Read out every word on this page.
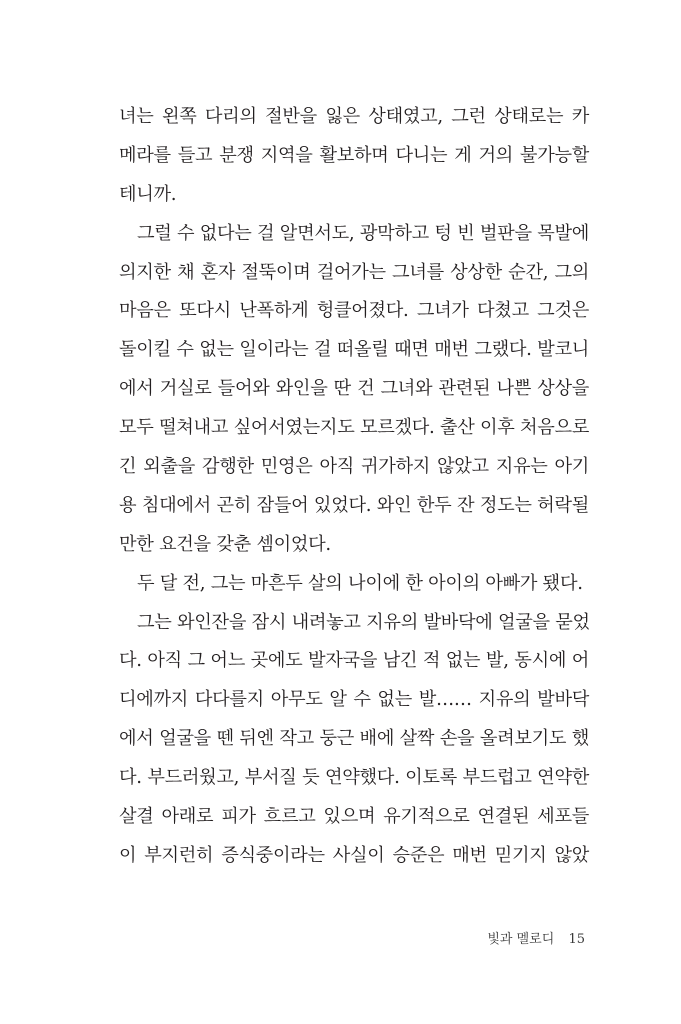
녀는 왼쪽 다리의 절반을 잃은 상태였고, 그런 상태로는 카
메라를 들고 분쟁 지역을 활보하며 다니는 게 거의 불가능할
테니까.
그럴 수 없다는 걸 알면서도, 광막하고 텅 빈 벌판을 목발에
의지한 채 혼자 절뚝이며 걸어가는 그녀를 상상한 순간, 그의
마음은 또다시 난폭하게 헝클어졌다. 그녀가 다쳤고 그것은
돌이킬 수 없는 일이라는 걸 떠올릴 때면 매번 그랬다. 발코니
에서 거실로 들어와 와인을 딴 건 그녀와 관련된 나쁜 상상을
모두 떨쳐내고 싶어서였는지도 모르겠다. 출산 이후 처음으로
긴 외출을 감행한 민영은 아직 귀가하지 않았고 지유는 아기
용 침대에서 곤히 잠들어 있었다. 와인 한두 잔 정도는 허락될
만한 요건을 갖춘 셈이었다.
두 달 전, 그는 마흔두 살의 나이에 한 아이의 아빠가 됐다.
그는 와인잔을 잠시 내려놓고 지유의 발바닥에 얼굴을 묻었
다. 아직 그 어느 곳에도 발자국을 남긴 적 없는 발, 동시에 어
디에까지 다다를지 아무도 알 수 없는 발…… 지유의 발바닥
에서 얼굴을 뗀 뒤엔 작고 둥근 배에 살짝 손을 올려보기도 했
다. 부드러웠고, 부서질 듯 연약했다. 이토록 부드럽고 연약한
살결 아래로 피가 흐르고 있으며 유기적으로 연결된 세포들
이 부지런히 증식중이라는 사실이 승준은 매번 믿기지 않았
빛과 멜로디 15
